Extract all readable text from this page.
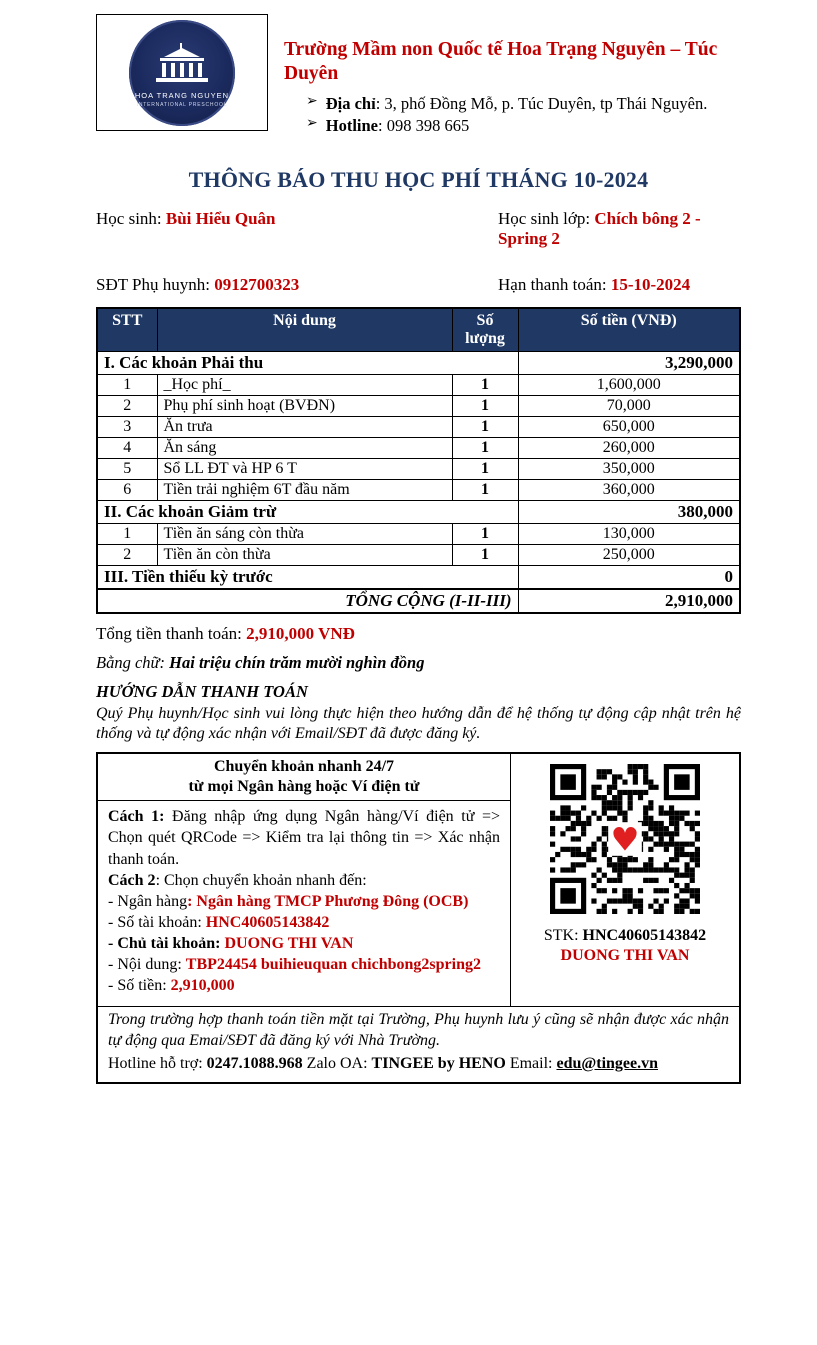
HOA TRANG NGUYEN
INTERNATIONAL PRESCHOOL
Trường Mầm non Quốc tế Hoa Trạng Nguyên – Túc Duyên
➢ Địa chỉ: 3, phố Đồng Mỗ, p. Túc Duyên, tp Thái Nguyên.
➢ Hotline: 098 398 665
THÔNG BÁO THU HỌC PHÍ THÁNG 10-2024
Học sinh: Bùi Hiểu Quân	Học sinh lớp: Chích bông 2 - Spring 2
SĐT Phụ huynh: 0912700323	Hạn thanh toán: 15-10-2024
STT	Nội dung	Số lượng	Số tiền (VNĐ)
I. Các khoản Phải thu			3,290,000
1	_Học phí_	1	1,600,000
2	Phụ phí sinh hoạt (BVĐN)	1	70,000
3	Ăn trưa	1	650,000
4	Ăn sáng	1	260,000
5	Sổ LL ĐT và HP 6 T	1	350,000
6	Tiền trải nghiệm 6T đầu năm	1	360,000
II. Các khoản Giảm trừ			380,000
1	Tiền ăn sáng còn thừa	1	130,000
2	Tiền ăn còn thừa	1	250,000
III. Tiền thiếu kỳ trước			0
TỔNG CỘNG (I-II-III)			2,910,000

Tổng tiền thanh toán: 2,910,000 VNĐ

Bằng chữ: Hai triệu chín trăm mười nghìn đồng

HƯỚNG DẪN THANH TOÁN

Quý Phụ huynh/Học sinh vui lòng thực hiện theo hướng dẫn để hệ thống tự động cập nhật trên hệ thống và tự động xác nhận với Email/SĐT đã được đăng ký.

Chuyển khoản nhanh 24/7
từ mọi Ngân hàng hoặc Ví điện tử
♥
STK: HNC40605143842
DUONG THI VAN

Cách 1: Đăng nhập ứng dụng Ngân hàng/Ví điện tử => Chọn quét QRCode => Kiểm tra lại thông tin => Xác nhận thanh toán.

Cách 2: Chọn chuyển khoản nhanh đến:

- Ngân hàng: Ngân hàng TMCP Phương Đông (OCB)

- Số tài khoản: HNC40605143842

- Chủ tài khoản: DUONG THI VAN

- Nội dung: TBP24454 buihieuquan chichbong2spring2

- Số tiền: 2,910,000

Trong trường hợp thanh toán tiền mặt tại Trường, Phụ huynh lưu ý cũng sẽ nhận được xác nhận tự động qua Emai/SĐT đã đăng ký với Nhà Trường.

Hotline hỗ trợ: 0247.1088.968 Zalo OA: TINGEE by HENO Email: edu@tingee.vn
